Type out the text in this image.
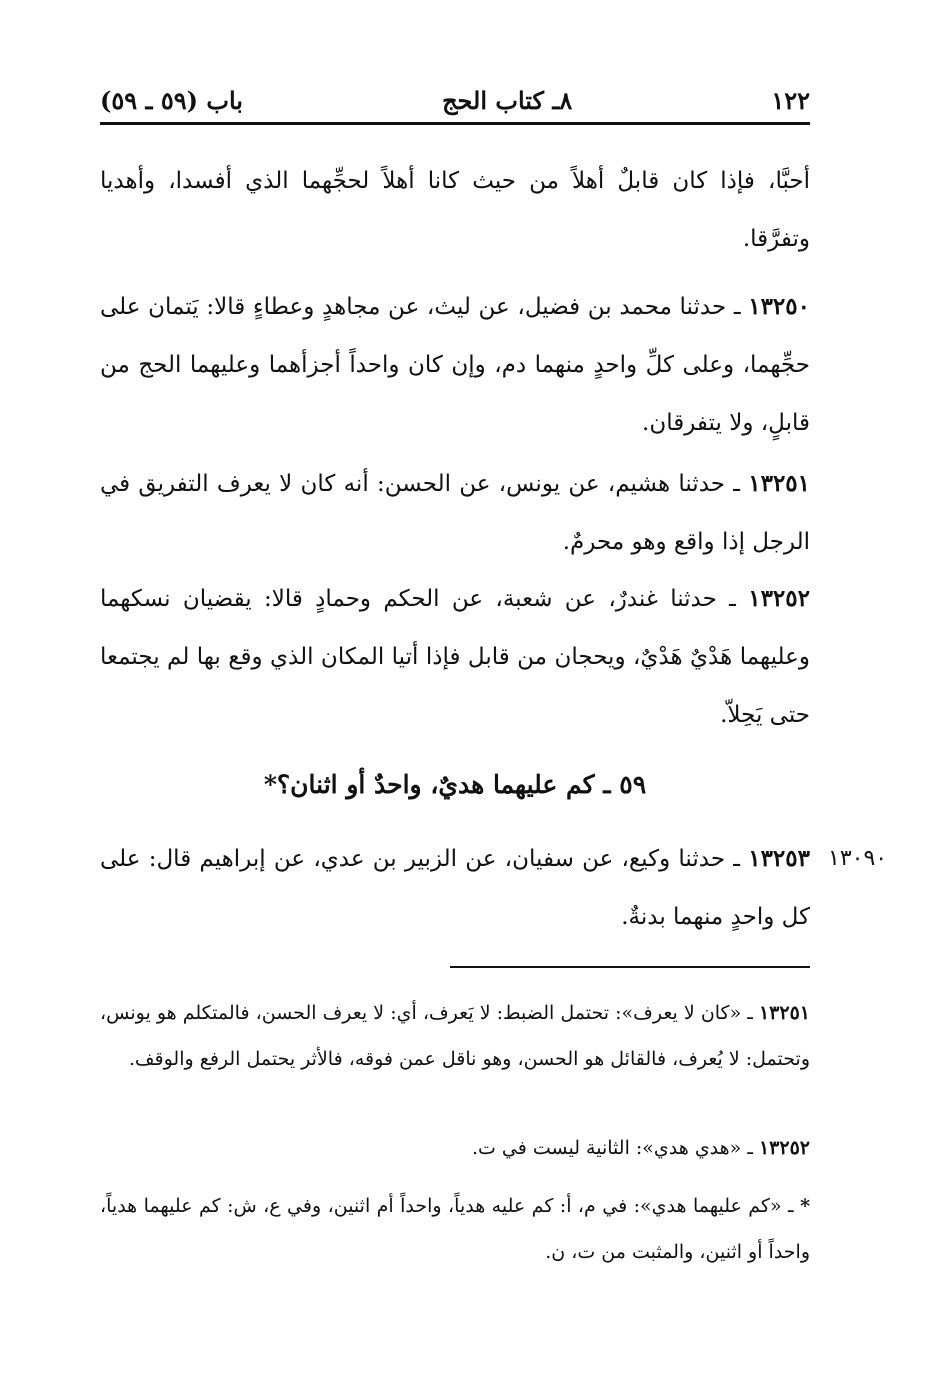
١٢٢
٨ـ كتاب الحج
باب (٥٩ ـ ٥٩)

أحبَّا، فإذا كان قابلٌ أهلاً من حيث كانا أهلاً لحجِّهما الذي أفسدا، وأهديا وتفرَّقا.

١٣٢٥٠ ـ حدثنا محمد بن فضيل، عن ليث، عن مجاهدٍ وعطاءٍ قالا: يَتمان على حجِّهما، وعلى كلِّ واحدٍ منهما دم، وإن كان واحداً أجزأهما وعليهما الحج من قابلٍ، ولا يتفرقان.

١٣٢٥١ ـ حدثنا هشيم، عن يونس، عن الحسن: أنه كان لا يعرف التفريق في الرجل إذا واقع وهو محرمٌ.

١٣٢٥٢ ـ حدثنا غندرٌ، عن شعبة، عن الحكم وحمادٍ قالا: يقضيان نسكهما وعليهما هَدْيٌ هَدْيٌ، ويحجان من قابل فإذا أتيا المكان الذي وقع بها لم يجتمعا حتى يَحِلاّ.

٥٩ ـ كم عليهما هديٌ، واحدٌ أو اثنان؟*
١٣٠٩٠

١٣٢٥٣ ـ حدثنا وكيع، عن سفيان، عن الزبير بن عدي، عن إبراهيم قال: على كل واحدٍ منهما بدنةٌ.

١٣٢٥١ ـ «كان لا يعرف»: تحتمل الضبط: لا يَعرف، أي: لا يعرف الحسن، فالمتكلم هو يونس، وتحتمل: لا يُعرف، فالقائل هو الحسن، وهو ناقل عمن فوقه، فالأثر يحتمل الرفع والوقف.

١٣٢٥٢ ـ «هدي هدي»: الثانية ليست في ت.

* ـ «كم عليهما هدي»: في م، أ: كم عليه هدياً، واحداً أم اثنين، وفي ع، ش: كم عليهما هدياً، واحداً أو اثنين، والمثبت من ت، ن.
